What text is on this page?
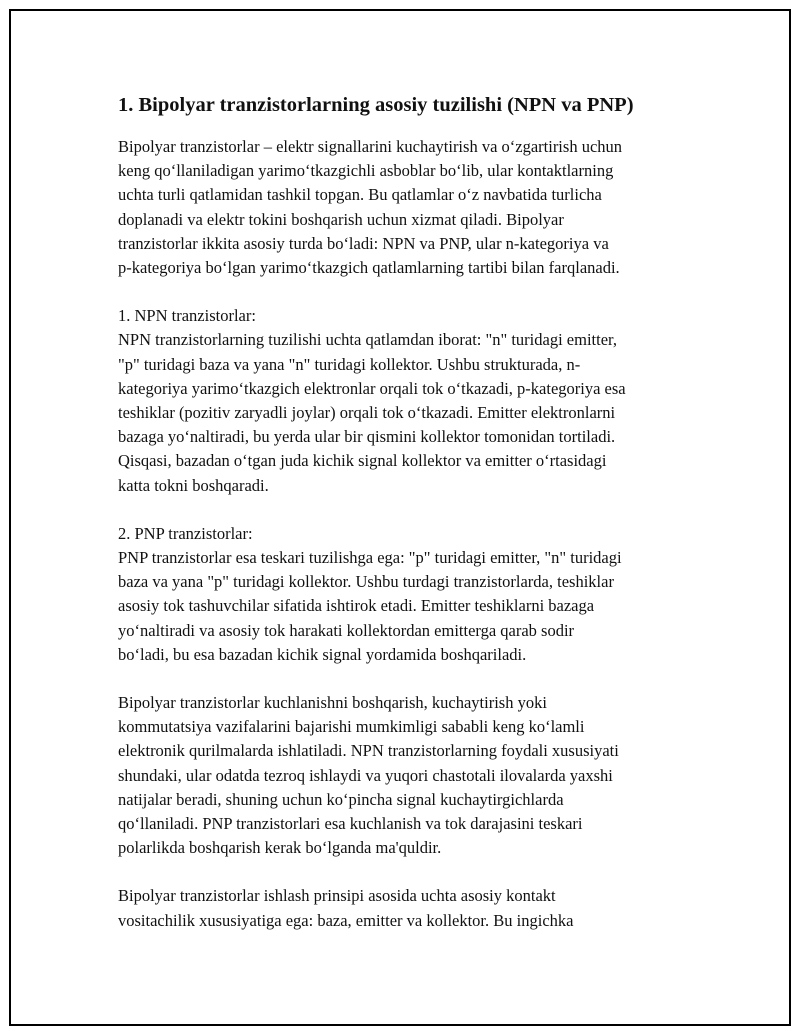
1. Bipolyar tranzistorlarning asosiy tuzilishi (NPN va PNP)

Bipolyar tranzistorlar – elektr signallarini kuchaytirish va o‘zgartirish uchun
keng qo‘llaniladigan yarimo‘tkazgichli asboblar bo‘lib, ular kontaktlarning
uchta turli qatlamidan tashkil topgan. Bu qatlamlar o‘z navbatida turlicha
doplanadi va elektr tokini boshqarish uchun xizmat qiladi. Bipolyar
tranzistorlar ikkita asosiy turda bo‘ladi: NPN va PNP, ular n-kategoriya va
p-kategoriya bo‘lgan yarimo‘tkazgich qatlamlarning tartibi bilan farqlanadi.

1. NPN tranzistorlar:
NPN tranzistorlarning tuzilishi uchta qatlamdan iborat: "n" turidagi emitter,
"p" turidagi baza va yana "n" turidagi kollektor. Ushbu strukturada, n-
kategoriya yarimo‘tkazgich elektronlar orqali tok o‘tkazadi, p-kategoriya esa
teshiklar (pozitiv zaryadli joylar) orqali tok o‘tkazadi. Emitter elektronlarni
bazaga yo‘naltiradi, bu yerda ular bir qismini kollektor tomonidan tortiladi.
Qisqasi, bazadan o‘tgan juda kichik signal kollektor va emitter o‘rtasidagi
katta tokni boshqaradi.

2. PNP tranzistorlar:
PNP tranzistorlar esa teskari tuzilishga ega: "p" turidagi emitter, "n" turidagi
baza va yana "p" turidagi kollektor. Ushbu turdagi tranzistorlarda, teshiklar
asosiy tok tashuvchilar sifatida ishtirok etadi. Emitter teshiklarni bazaga
yo‘naltiradi va asosiy tok harakati kollektordan emitterga qarab sodir
bo‘ladi, bu esa bazadan kichik signal yordamida boshqariladi.

Bipolyar tranzistorlar kuchlanishni boshqarish, kuchaytirish yoki
kommutatsiya vazifalarini bajarishi mumkimligi sababli keng ko‘lamli
elektronik qurilmalarda ishlatiladi. NPN tranzistorlarning foydali xususiyati
shundaki, ular odatda tezroq ishlaydi va yuqori chastotali ilovalarda yaxshi
natijalar beradi, shuning uchun ko‘pincha signal kuchaytirgichlarda
qo‘llaniladi. PNP tranzistorlari esa kuchlanish va tok darajasini teskari
polarlikda boshqarish kerak bo‘lganda ma'quldir.

Bipolyar tranzistorlar ishlash prinsipi asosida uchta asosiy kontakt
vositachilik xususiyatiga ega: baza, emitter va kollektor. Bu ingichka
